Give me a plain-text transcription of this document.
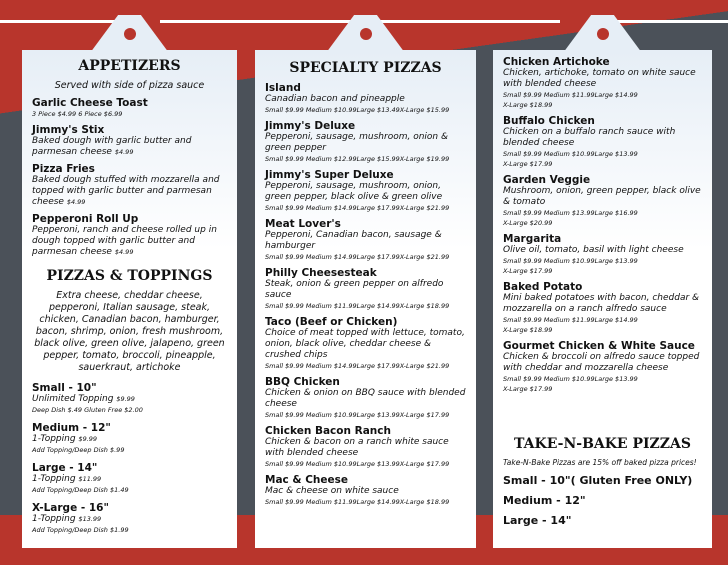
APPETIZERS
Served with side of pizza sauce
Garlic Cheese Toast
3 Piece $4.99 6 Piece $6.99
Jimmy's Stix
Baked dough with garlic butter and parmesan cheese $4.99
Pizza Fries
Baked dough stuffed with mozzarella and topped with garlic butter and parmesan cheese $4.99
Pepperoni Roll Up
Pepperoni, ranch and cheese rolled up in dough topped with garlic butter and parmesan cheese $4.99
PIZZAS & TOPPINGS
Extra cheese, cheddar cheese, pepperoni, Italian sausage, steak, chicken, Canadian bacon, hamburger, bacon, shrimp, onion, fresh mushroom, black olive, green olive, jalapeno, green pepper, tomato, broccoli, pineapple, sauerkraut, artichoke
Small - 10"
Unlimited Topping $9.99
Deep Dish $.49 Gluten Free $2.00
Medium - 12"
1-Topping $9.99
Add Topping/Deep Dish $.99
Large - 14"
1-Topping $11.99
Add Topping/Deep Dish $1.49
X-Large - 16"
1-Topping $13.99
Add Topping/Deep Dish $1.99
SPECIALTY PIZZAS
Island
Canadian bacon and pineapple
Small $9.99 Medium $10.99Large $13.49X-Large $15.99
Jimmy's Deluxe
Pepperoni, sausage, mushroom, onion & green pepper
Small $9.99 Medium $12.99Large $15.99X-Large $19.99
Jimmy's Super Deluxe
Pepperoni, sausage, mushroom, onion, green pepper, black olive & green olive
Small $9.99 Medium $14.99Large $17.99X-Large $21.99
Meat Lover's
Pepperoni, Canadian bacon, sausage & hamburger
Small $9.99 Medium $14.99Large $17.99X-Large $21.99
Philly Cheesesteak
Steak, onion & green pepper on alfredo sauce
Small $9.99 Medium $11.99Large $14.99X-Large $18.99
Taco (Beef or Chicken)
Choice of meat topped with lettuce, tomato, onion, black olive, cheddar cheese & crushed chips
Small $9.99 Medium $14.99Large $17.99X-Large $21.99
BBQ Chicken
Chicken & onion on BBQ sauce with blended cheese
Small $9.99 Medium $10.99Large $13.99X-Large $17.99
Chicken Bacon Ranch
Chicken & bacon on a ranch white sauce with blended cheese
Small $9.99 Medium $10.99Large $13.99X-Large $17.99
Mac & Cheese
Mac & cheese on white sauce
Small $9.99 Medium $11.99Large $14.99X-Large $18.99
Chicken Artichoke
Chicken, artichoke, tomato on white sauce with blended cheese
Small $9.99 Medium $11.99Large $14.99
X-Large $18.99
Buffalo Chicken
Chicken on a buffalo ranch sauce with blended cheese
Small $9.99 Medium $10.99Large $13.99
X-Large $17.99
Garden Veggie
Mushroom, onion, green pepper, black olive & tomato
Small $9.99 Medium $13.99Large $16.99
X-Large $20.99
Margarita
Olive oil, tomato, basil with light cheese
Small $9.99 Medium $10.99Large $13.99
X-Large $17.99
Baked Potato
Mini baked potatoes with bacon, cheddar & mozzarella on a ranch alfredo sauce
Small $9.99 Medium $11.99Large $14.99
X-Large $18.99
Gourmet Chicken & White Sauce
Chicken & broccoli on alfredo sauce topped with cheddar and mozzarella cheese
Small $9.99 Medium $10.99Large $13.99
X-Large $17.99
TAKE-N-BAKE PIZZAS
Take-N-Bake Pizzas are 15% off baked pizza prices!
Small - 10"( Gluten Free ONLY)
Medium - 12"
Large - 14"
